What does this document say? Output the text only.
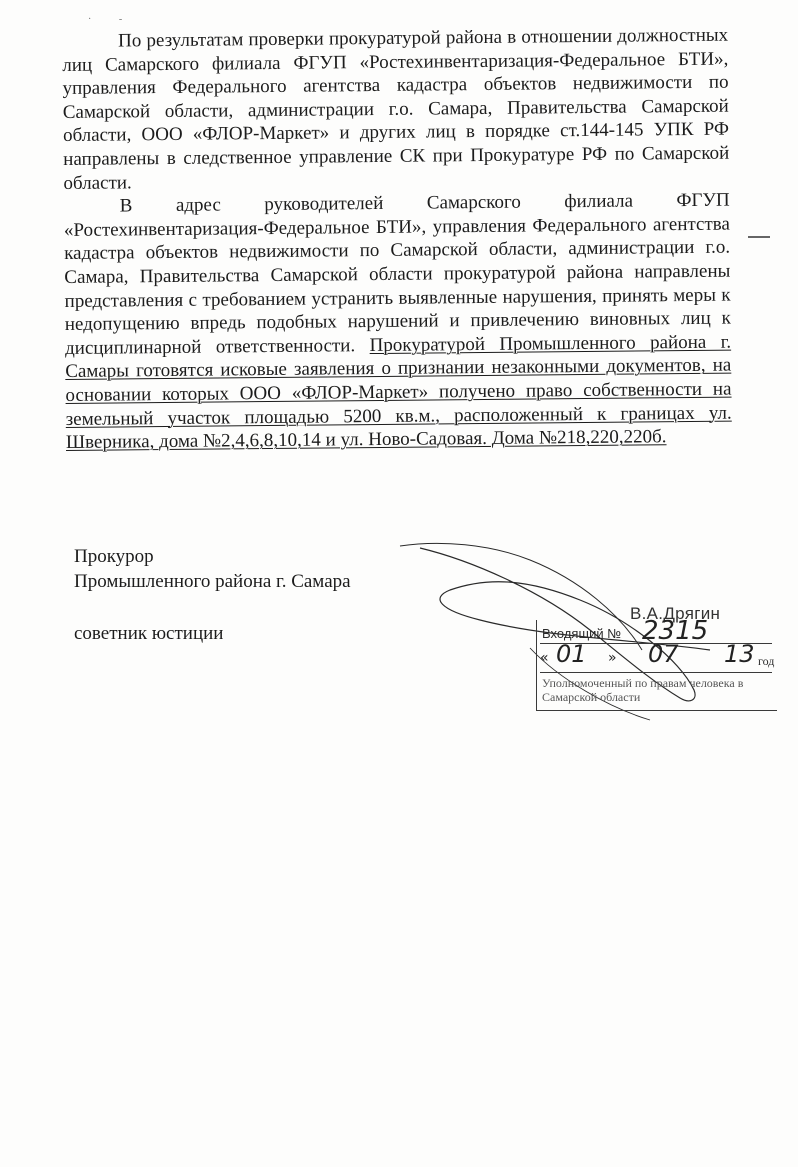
·           -

По результатам проверки прокуратурой района в отношении должностных лиц Самарского филиала ФГУП «Ростехинвентаризация-Федеральное БТИ», управления Федерального агентства кадастра объектов недвижимости по Самарской области, администрации г.о. Самара, Правительства Самарской области, ООО «ФЛОР-Маркет» и других лиц в порядке ст.144-145 УПК РФ направлены в следственное управление СК при Прокуратуре РФ по Самарской области.

В адрес руководителей Самарского филиала ФГУП «Ростехинвентаризация-Федеральное БТИ», управления Федерального агентства кадастра объектов недвижимости по Самарской области, администрации г.о. Самара, Правительства Самарской области прокуратурой района направлены представления с требованием устранить выявленные нарушения, принять меры к недопущению впредь подобных нарушений и привлечению виновных лиц к дисциплинарной ответственности. Прокуратурой Промышленного района г. Самары готовятся исковые заявления о признании незаконными документов, на основании которых ООО «ФЛОР-Маркет» получено право собственности на земельный участок площадью 5200 кв.м., расположенный к границах ул. Шверника, дома №2,4,6,8,10,14 и ул. Ново-Садовая. Дома №218,220,220б.

Прокурор
Промышленного района г. Самара
советник юстиции
В.А.Дрягин
Входящий № 2315
« 01 » 07 13 год
Уполномоченный по правам человека в
Самарской области
